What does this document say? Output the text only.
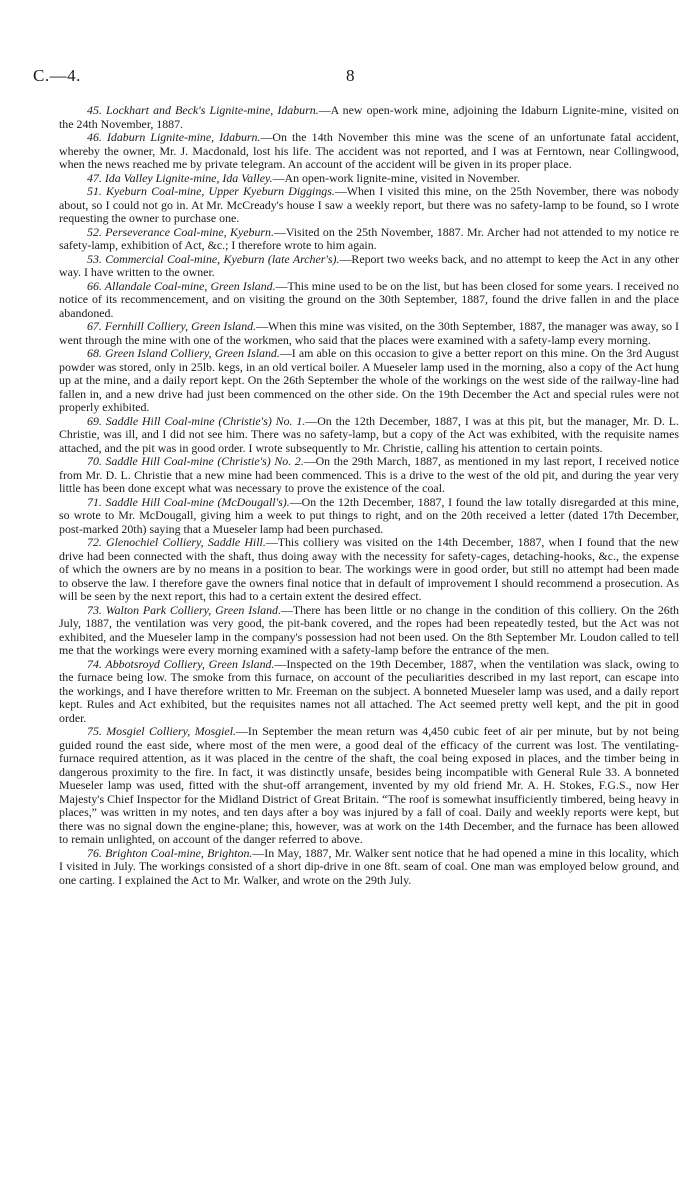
C.—4.	8

45. Lockhart and Beck's Lignite-mine, Idaburn.—A new open-work mine, adjoining the Idaburn Lignite-mine, visited on the 24th November, 1887.

46. Idaburn Lignite-mine, Idaburn.—On the 14th November this mine was the scene of an unfortunate fatal accident, whereby the owner, Mr. J. Macdonald, lost his life. The accident was not reported, and I was at Ferntown, near Collingwood, when the news reached me by private telegram. An account of the accident will be given in its proper place.

47. Ida Valley Lignite-mine, Ida Valley.—An open-work lignite-mine, visited in November.

51. Kyeburn Coal-mine, Upper Kyeburn Diggings.—When I visited this mine, on the 25th November, there was nobody about, so I could not go in. At Mr. McCready's house I saw a weekly report, but there was no safety-lamp to be found, so I wrote requesting the owner to purchase one.

52. Perseverance Coal-mine, Kyeburn.—Visited on the 25th November, 1887. Mr. Archer had not attended to my notice re safety-lamp, exhibition of Act, &c.; I therefore wrote to him again.

53. Commercial Coal-mine, Kyeburn (late Archer's).—Report two weeks back, and no attempt to keep the Act in any other way. I have written to the owner.

66. Allandale Coal-mine, Green Island.—This mine used to be on the list, but has been closed for some years. I received no notice of its recommencement, and on visiting the ground on the 30th September, 1887, found the drive fallen in and the place abandoned.

67. Fernhill Colliery, Green Island.—When this mine was visited, on the 30th September, 1887, the manager was away, so I went through the mine with one of the workmen, who said that the places were examined with a safety-lamp every morning.

68. Green Island Colliery, Green Island.—I am able on this occasion to give a better report on this mine. On the 3rd August powder was stored, only in 25lb. kegs, in an old vertical boiler. A Mueseler lamp used in the morning, also a copy of the Act hung up at the mine, and a daily report kept. On the 26th September the whole of the workings on the west side of the railway-line had fallen in, and a new drive had just been commenced on the other side. On the 19th December the Act and special rules were not properly exhibited.

69. Saddle Hill Coal-mine (Christie's) No. 1.—On the 12th December, 1887, I was at this pit, but the manager, Mr. D. L. Christie, was ill, and I did not see him. There was no safety-lamp, but a copy of the Act was exhibited, with the requisite names attached, and the pit was in good order. I wrote subsequently to Mr. Christie, calling his attention to certain points.

70. Saddle Hill Coal-mine (Christie's) No. 2.—On the 29th March, 1887, as mentioned in my last report, I received notice from Mr. D. L. Christie that a new mine had been commenced. This is a drive to the west of the old pit, and during the year very little has been done except what was necessary to prove the existence of the coal.

71. Saddle Hill Coal-mine (McDougall's).—On the 12th December, 1887, I found the law totally disregarded at this mine, so wrote to Mr. McDougall, giving him a week to put things to right, and on the 20th received a letter (dated 17th December, post-marked 20th) saying that a Mueseler lamp had been purchased.

72. Glenochiel Colliery, Saddle Hill.—This colliery was visited on the 14th December, 1887, when I found that the new drive had been connected with the shaft, thus doing away with the necessity for safety-cages, detaching-hooks, &c., the expense of which the owners are by no means in a position to bear. The workings were in good order, but still no attempt had been made to observe the law. I therefore gave the owners final notice that in default of improvement I should recommend a prosecution. As will be seen by the next report, this had to a certain extent the desired effect.

73. Walton Park Colliery, Green Island.—There has been little or no change in the condition of this colliery. On the 26th July, 1887, the ventilation was very good, the pit-bank covered, and the ropes had been repeatedly tested, but the Act was not exhibited, and the Mueseler lamp in the company's possession had not been used. On the 8th September Mr. Loudon called to tell me that the workings were every morning examined with a safety-lamp before the entrance of the men.

74. Abbotsroyd Colliery, Green Island.—Inspected on the 19th December, 1887, when the ventilation was slack, owing to the furnace being low. The smoke from this furnace, on account of the peculiarities described in my last report, can escape into the workings, and I have therefore written to Mr. Freeman on the subject. A bonneted Mueseler lamp was used, and a daily report kept. Rules and Act exhibited, but the requisites names not all attached. The Act seemed pretty well kept, and the pit in good order.

75. Mosgiel Colliery, Mosgiel.—In September the mean return was 4,450 cubic feet of air per minute, but by not being guided round the east side, where most of the men were, a good deal of the efficacy of the current was lost. The ventilating-furnace required attention, as it was placed in the centre of the shaft, the coal being exposed in places, and the timber being in dangerous proximity to the fire. In fact, it was distinctly unsafe, besides being incompatible with General Rule 33. A bonneted Mueseler lamp was used, fitted with the shut-off arrangement, invented by my old friend Mr. A. H. Stokes, F.G.S., now Her Majesty's Chief Inspector for the Midland District of Great Britain. “The roof is somewhat insufficiently timbered, being heavy in places,” was written in my notes, and ten days after a boy was injured by a fall of coal. Daily and weekly reports were kept, but there was no signal down the engine-plane; this, however, was at work on the 14th December, and the furnace has been allowed to remain unlighted, on account of the danger referred to above.

76. Brighton Coal-mine, Brighton.—In May, 1887, Mr. Walker sent notice that he had opened a mine in this locality, which I visited in July. The workings consisted of a short dip-drive in one 8ft. seam of coal. One man was employed below ground, and one carting. I explained the Act to Mr. Walker, and wrote on the 29th July.
